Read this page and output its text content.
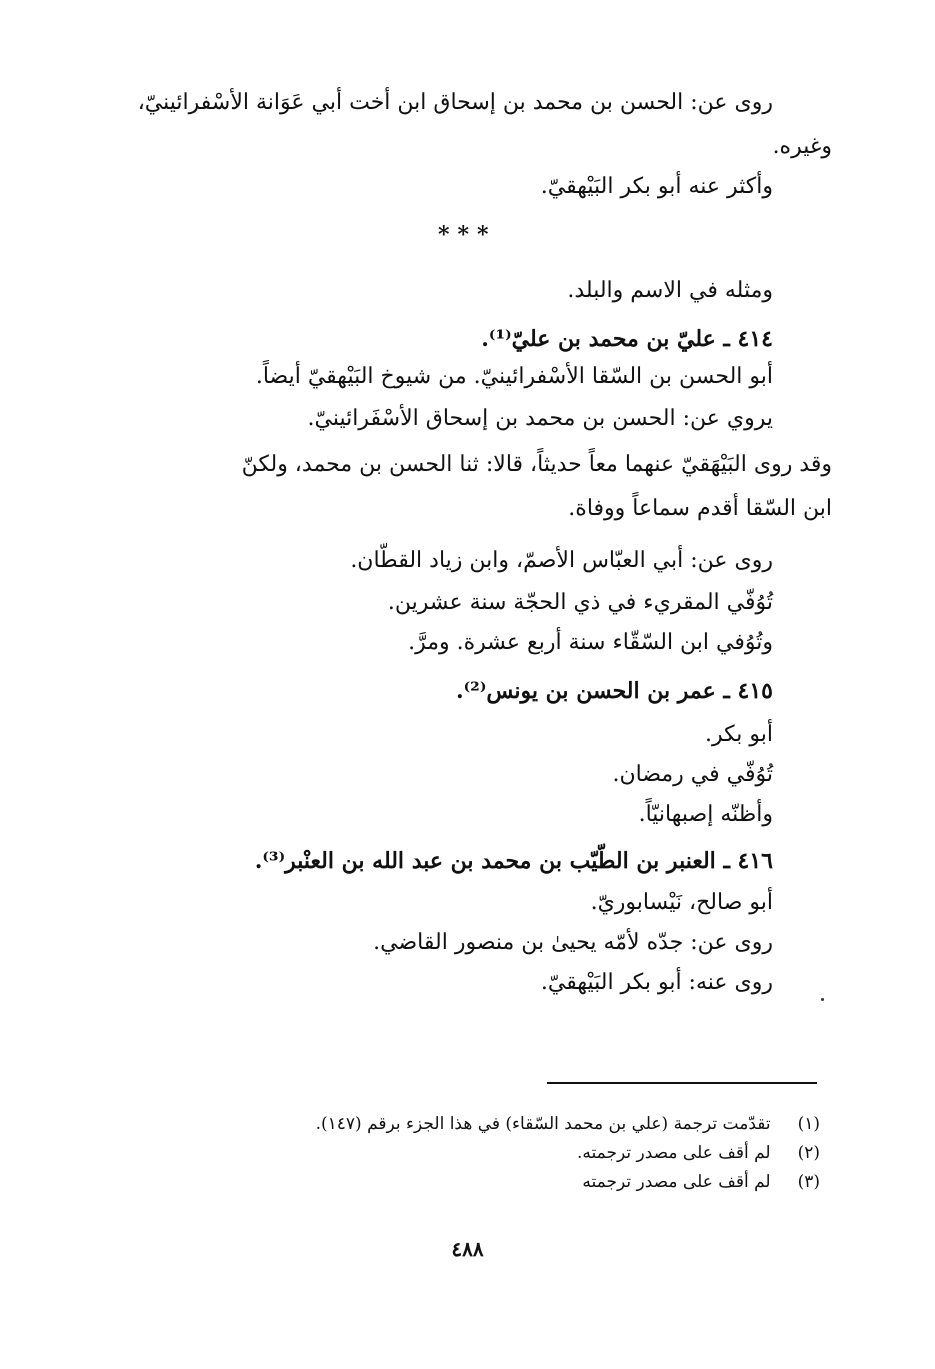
روى عن: الحسن بن محمد بن إسحاق ابن أخت أبي عَوَانة الأسْفرائينيّ،
وغيره.
وأكثر عنه أبو بكر البَيْهقيّ.
***
ومثله في الاسم والبلد.
٤١٤ ـ عليّ بن محمد بن عليّ⁽¹⁾.
أبو الحسن بن السّقا الأسْفرائينيّ. من شيوخ البَيْهقيّ أيضاً.
يروي عن: الحسن بن محمد بن إسحاق الأسْفَرائينيّ.
وقد روى البَيْهَقيّ عنهما معاً حديثاً، قالا: ثنا الحسن بن محمد، ولكنّ
ابن السّقا أقدم سماعاً ووفاة.
روى عن: أبي العبّاس الأصمّ، وابن زياد القطّان.
تُوُفّي المقريء في ذي الحجّة سنة عشرين.
وتُوُفي ابن السّقّاء سنة أربع عشرة. ومرَّ.
٤١٥ ـ عمر بن الحسن بن يونس⁽²⁾.
أبو بكر.
تُوُفّي في رمضان.
وأظنّه إصبهانيّاً.
٤١٦ ـ العنبر بن الطّيّب بن محمد بن عبد الله بن العنْبر⁽³⁾.
أبو صالح، نَيْسابوريّ.
روى عن: جدّه لأمّه يحيىٰ بن منصور القاضي.
روى عنه: أبو بكر البَيْهقيّ.
(١) تقدّمت ترجمة (علي بن محمد السّقاء) في هذا الجزء برقم (١٤٧).
(٢) لم أقف على مصدر ترجمته.
(٣) لم أقف على مصدر ترجمته
٤٨٨
